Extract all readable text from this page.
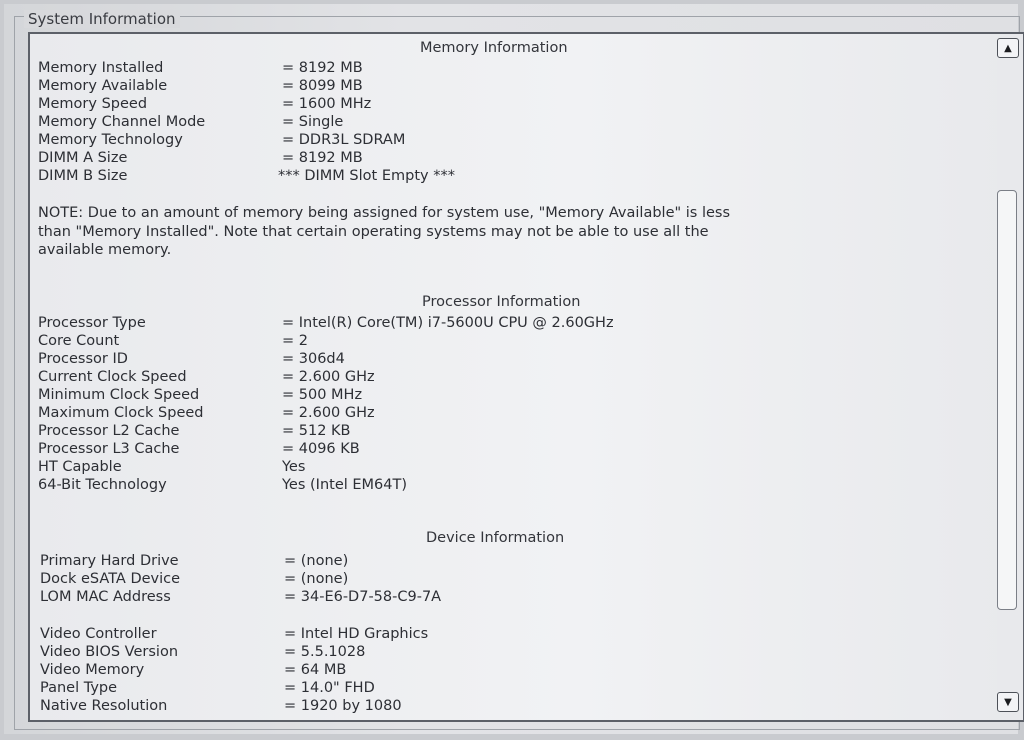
System Information
Memory Information
Memory Installed	= 8192 MB
Memory Available	= 8099 MB
Memory Speed	= 1600 MHz
Memory Channel Mode	= Single
Memory Technology	= DDR3L SDRAM
DIMM A Size	= 8192 MB
DIMM B Size	*** DIMM Slot Empty ***
NOTE: Due to an amount of memory being assigned for system use, "Memory Available" is less
than "Memory Installed". Note that certain operating systems may not be able to use all the
available memory.
Processor Information
Processor Type	= Intel(R) Core(TM) i7-5600U CPU @ 2.60GHz
Core Count	= 2
Processor ID	= 306d4
Current Clock Speed	= 2.600 GHz
Minimum Clock Speed	= 500 MHz
Maximum Clock Speed	= 2.600 GHz
Processor L2 Cache	= 512 KB
Processor L3 Cache	= 4096 KB
HT Capable	Yes
64-Bit Technology	Yes (Intel EM64T)
Device Information
Primary Hard Drive	= (none)
Dock eSATA Device	= (none)
LOM MAC Address	= 34-E6-D7-58-C9-7A
Video Controller	= Intel HD Graphics
Video BIOS Version	= 5.5.1028
Video Memory	= 64 MB
Panel Type	= 14.0" FHD
Native Resolution	= 1920 by 1080
▲
▼
